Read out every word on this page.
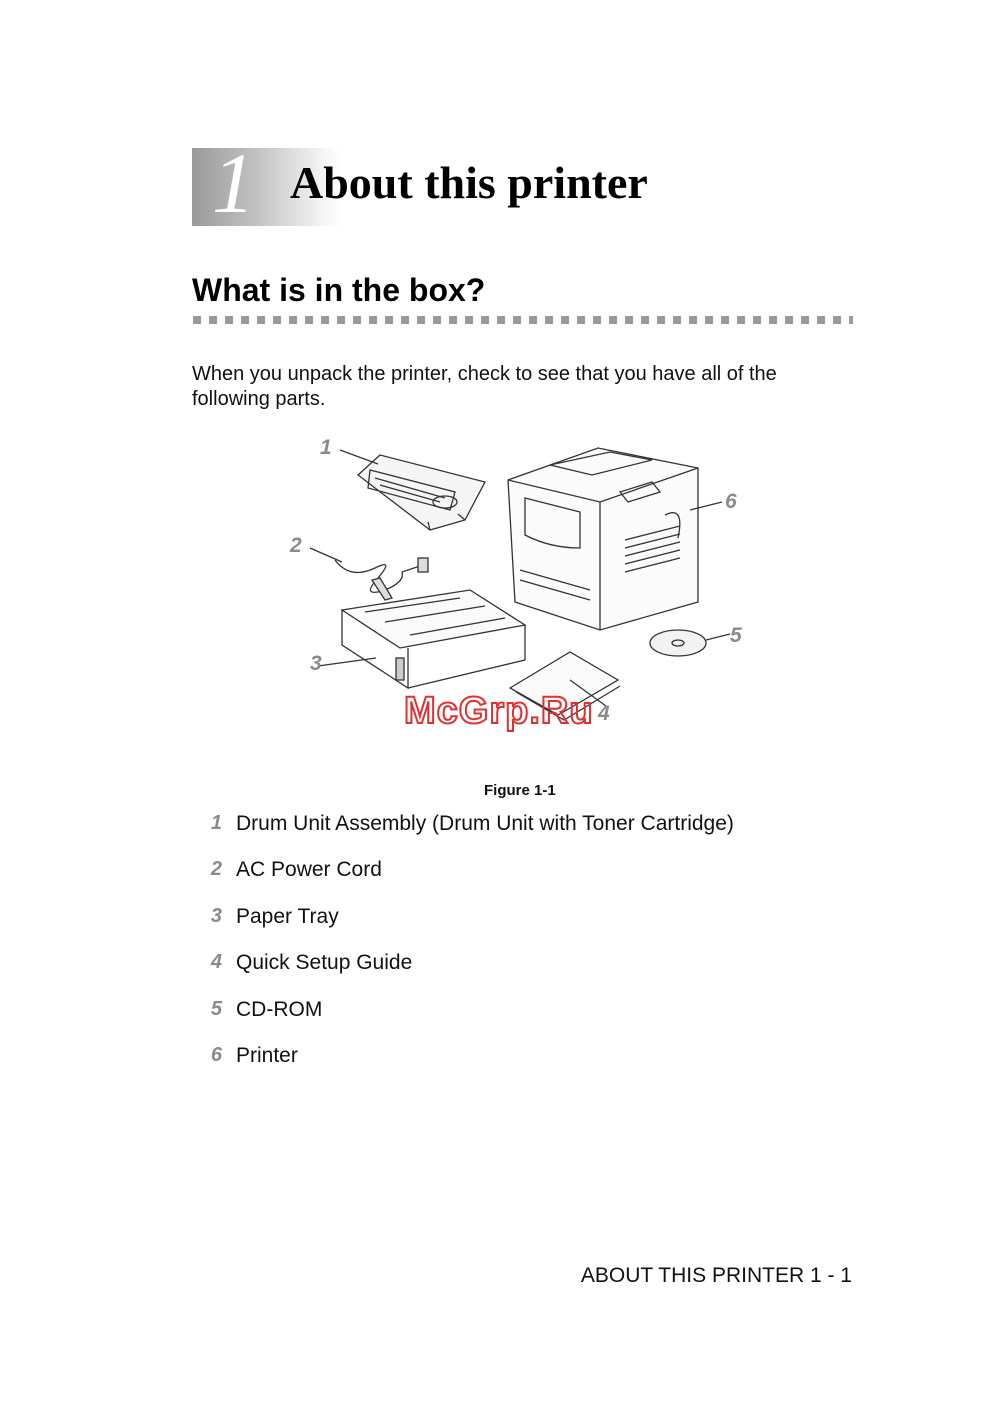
1 About this printer
What is in the box?

When you unpack the printer, check to see that you have all of the following parts.

1
2
3
4
5
6
McGrp.Ru
Figure 1-1
1 Drum Unit Assembly (Drum Unit with Toner Cartridge)
2 AC Power Cord
3 Paper Tray
4 Quick Setup Guide
5 CD-ROM
6 Printer
ABOUT THIS PRINTER 1 - 1
